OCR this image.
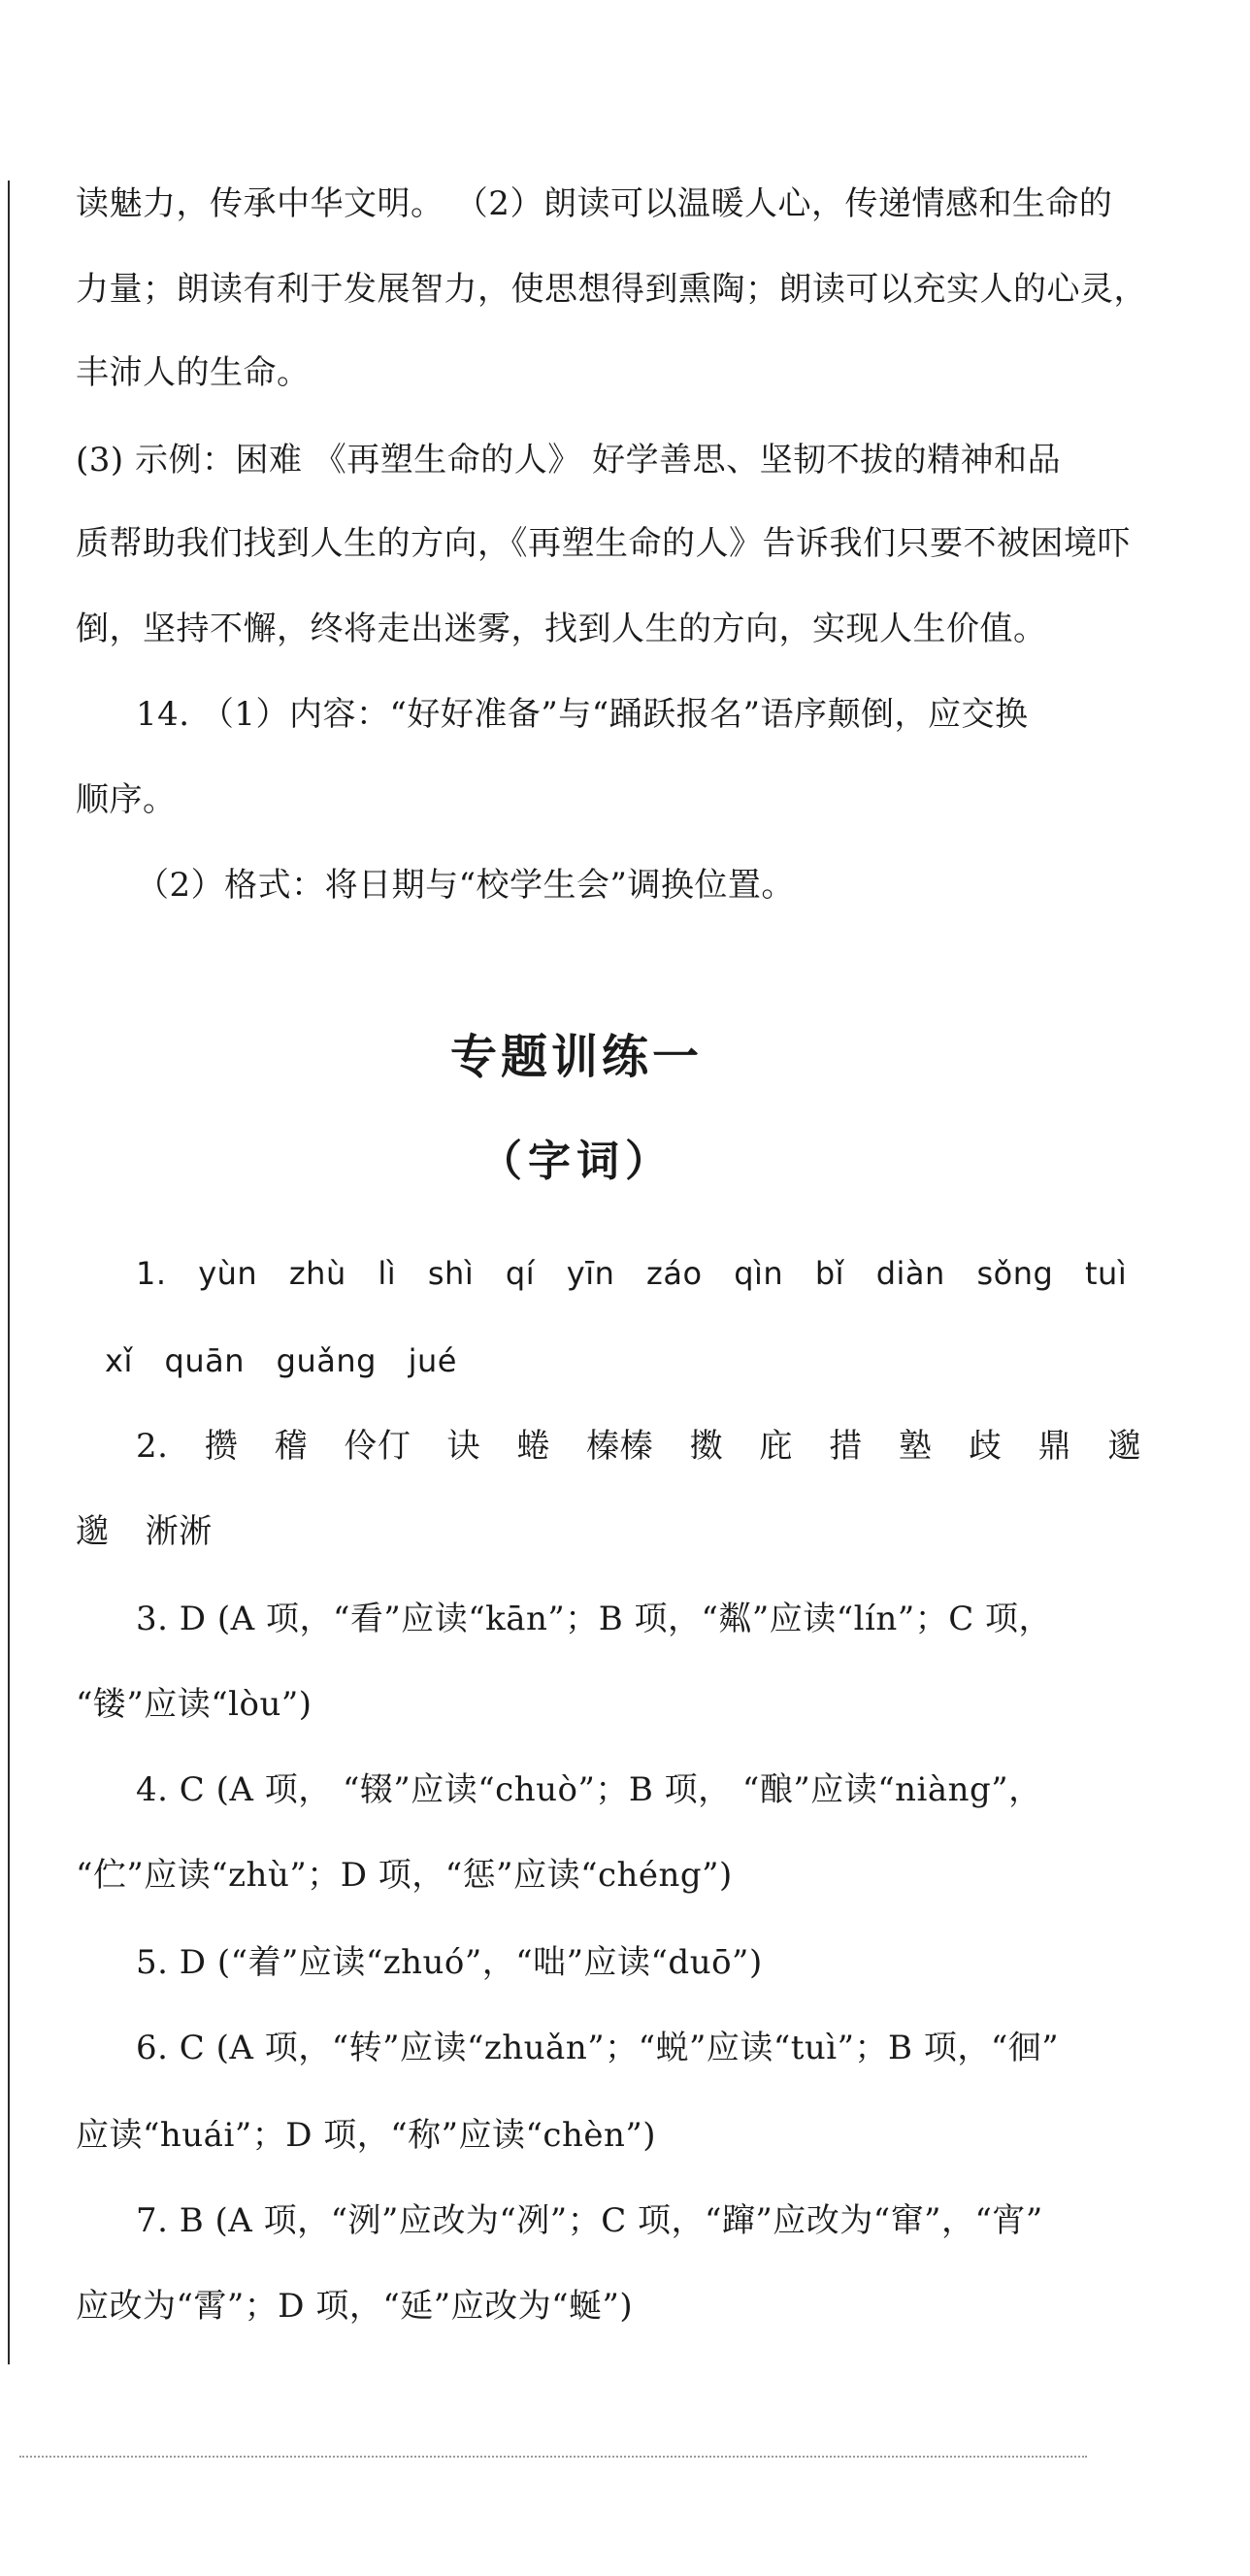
读魅力，传承中华文明。 （2）朗读可以温暖人心，传递情感和生命的
力量；朗读有利于发展智力，使思想得到熏陶；朗读可以充实人的心灵，
丰沛人的生命。
(3) 示例：困难 《再塑生命的人》 好学善思、坚韧不拔的精神和品
质帮助我们找到人生的方向，《再塑生命的人》告诉我们只要不被困境吓
倒，坚持不懈，终将走出迷雾，找到人生的方向，实现人生价值。
14. （1）内容：“好好准备”与“踊跃报名”语序颠倒，应交换
顺序。
（2）格式：将日期与“校学生会”调换位置。
专题训练一
（字词）
1. yùn zhù lì shì qí yīn záo qìn bǐ diàn sǒng tuì
xǐ quān guǎng jué
2. 攒 稽 伶仃 诀 蜷 榛榛 擞 庇 措 塾 歧 鼎 邈
邈 淅淅
3. D (A 项，“看”应读“kān”；B 项，“粼”应读“lín”；C 项，
“镂”应读“lòu”)
4. C (A 项， “辍”应读“chuò”；B 项， “酿”应读“niàng”，
“伫”应读“zhù”；D 项，“惩”应读“chéng”)
5. D (“着”应读“zhuó”，“咄”应读“duō”)
6. C (A 项，“转”应读“zhuǎn”；“蜕”应读“tuì”；B 项，“徊”
应读“huái”；D 项，“称”应读“chèn”)
7. B (A 项，“洌”应改为“冽”；C 项，“蹿”应改为“窜”，“宵”
应改为“霄”；D 项，“延”应改为“蜒”)
